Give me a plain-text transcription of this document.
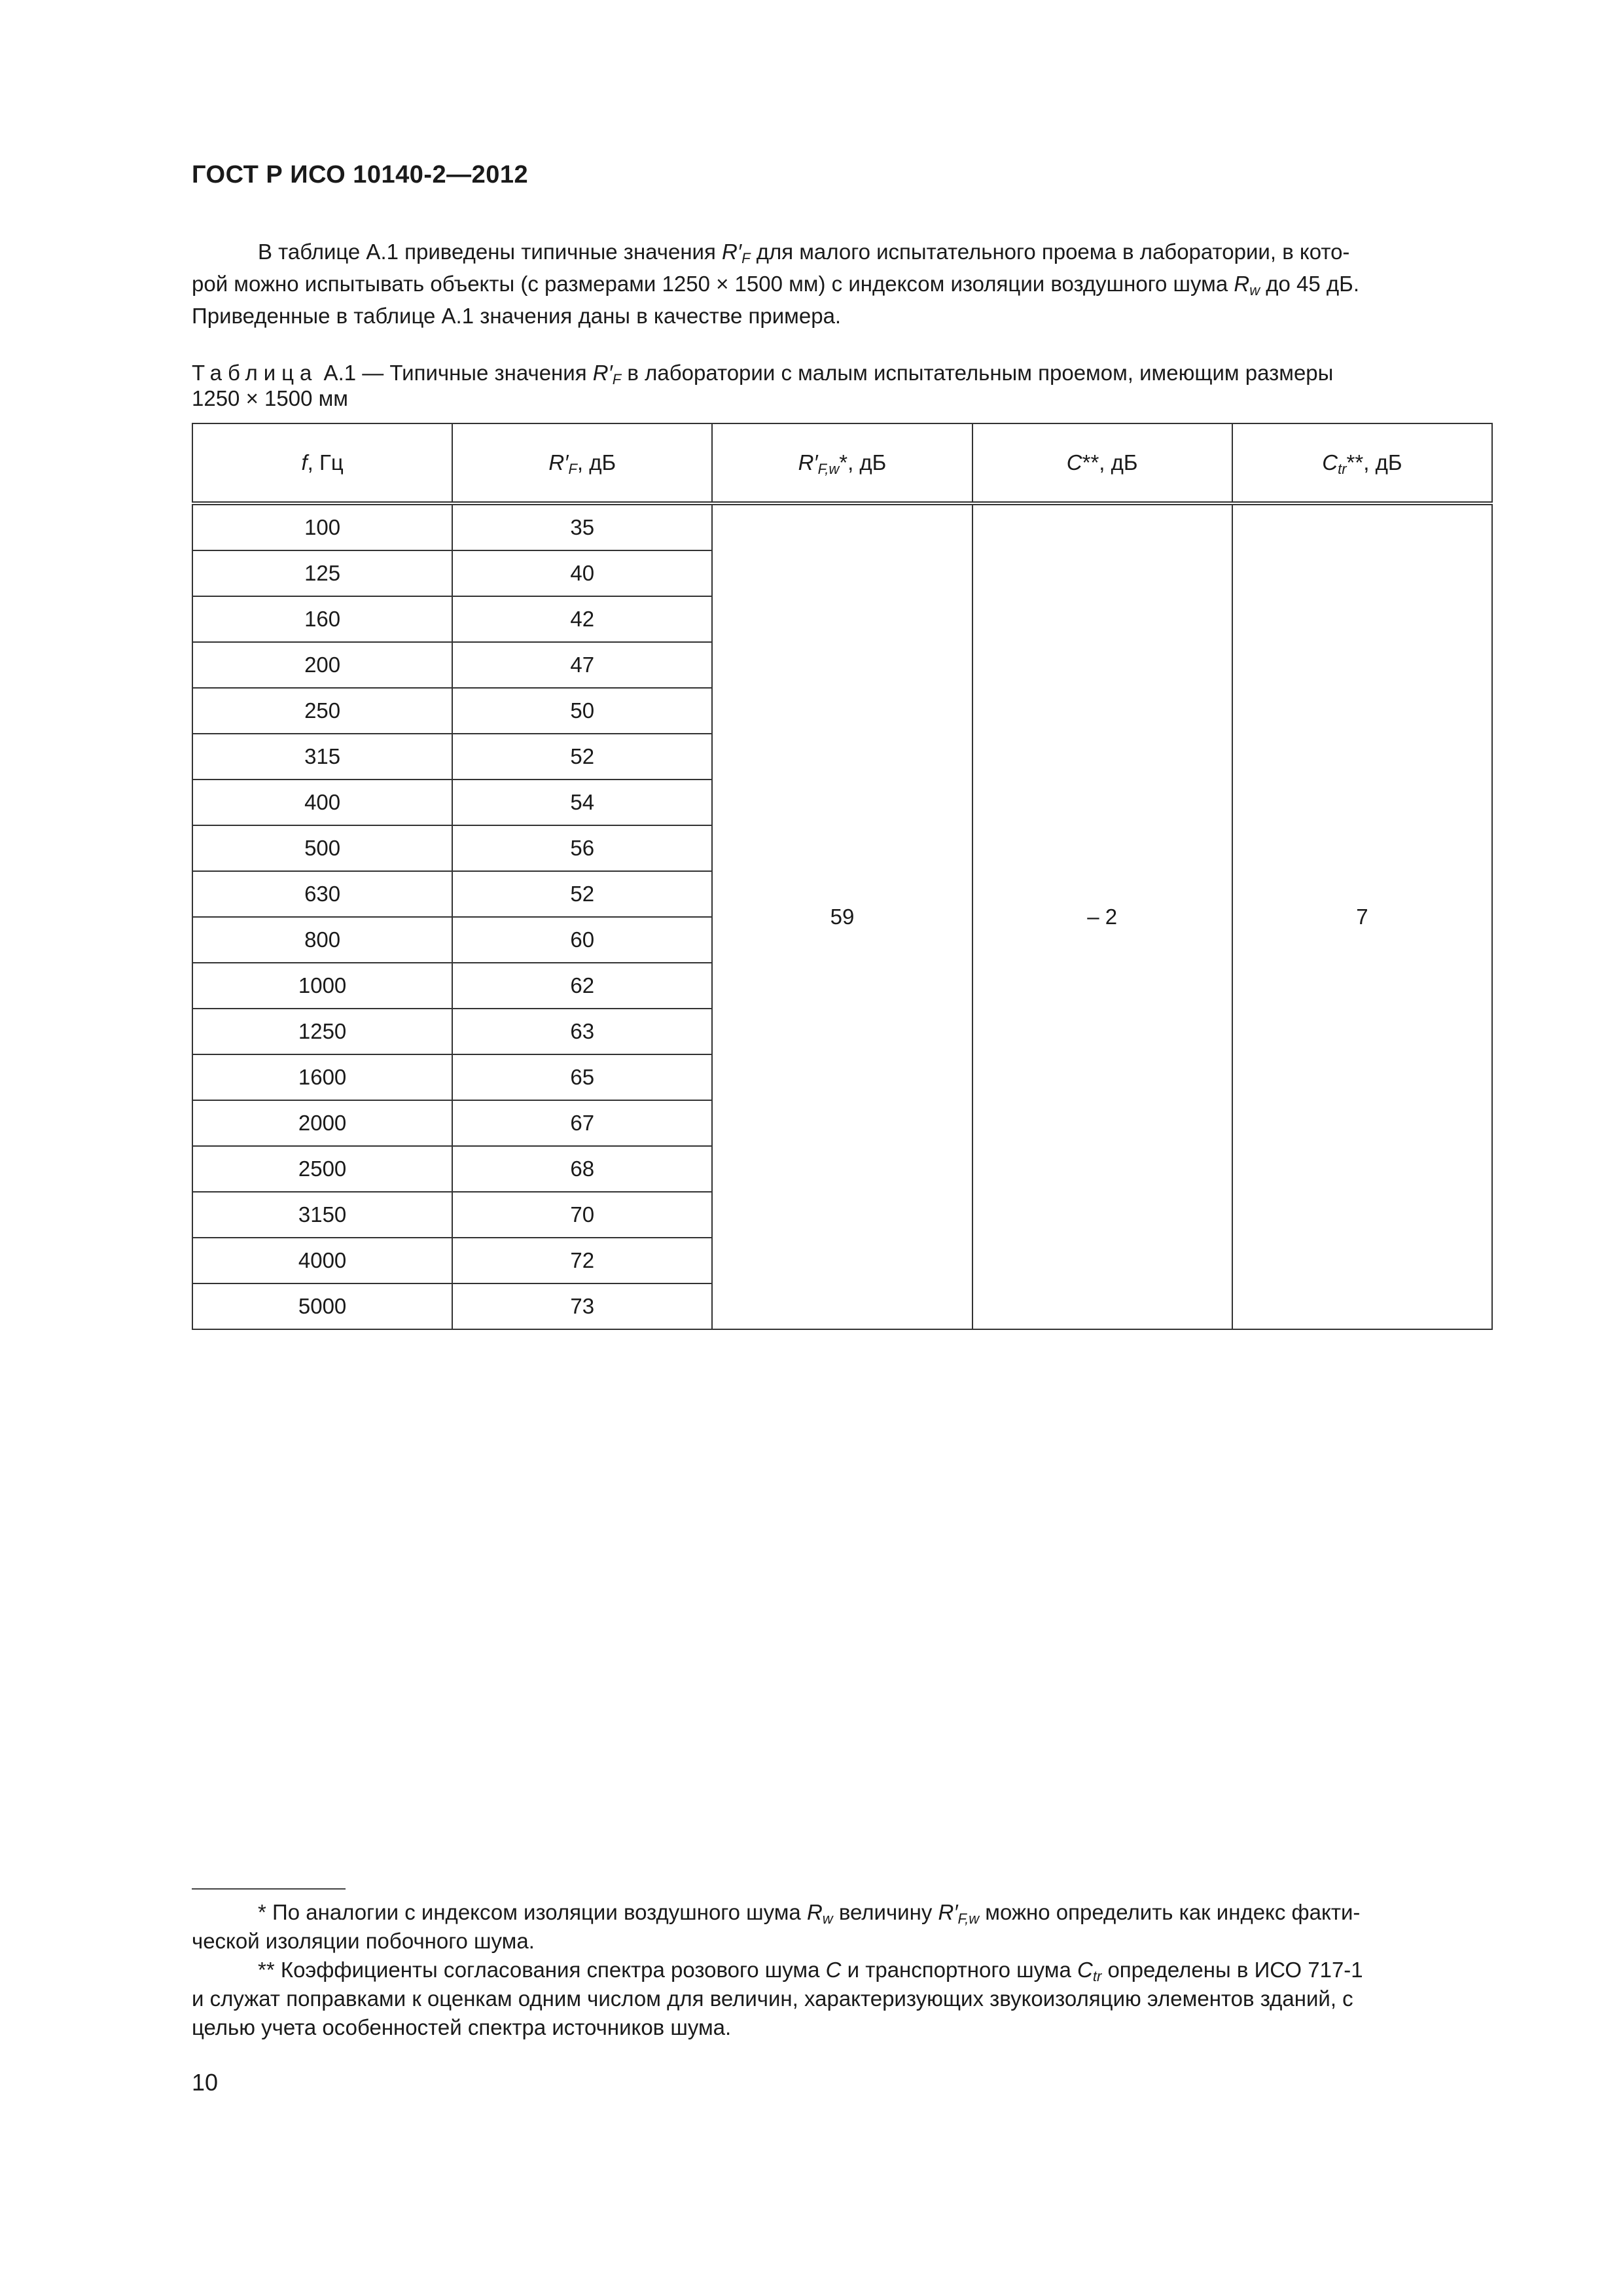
ГОСТ Р ИСО 10140-2—2012
В таблице А.1 приведены типичные значения $R'_F$ для малого испытательного проема в лаборатории, в кото-
рой можно испытывать объекты (с размерами 1250 × 1500 мм) с индексом изоляции воздушного шума $R_w$ до 45 дБ.
Приведенные в таблице А.1 значения даны в качестве примера.
Таблица А.1 — Типичные значения $R'_F$ в лаборатории с малым испытательным проемом, имеющим размеры
1250 × 1500 мм
f, Гц	$R'_F$, дБ	$R'_{F,w}*$, дБ	C**, дБ	$C_{tr}**$, дБ
100	35	59	– 2	7
125	40			
160	42			
200	47			
250	50			
315	52			
400	54			
500	56			
630	52			
800	60			
1000	62			
1250	63			
1600	65			
2000	67			
2500	68			
3150	70			
4000	72			
5000	73			
* По аналогии с индексом изоляции воздушного шума $R_w$ величину $R'_{F,w}$ можно определить как индекс факти-
ческой изоляции побочного шума.
** Коэффициенты согласования спектра розового шума C и транспортного шума $C_{tr}$ определены в ИСО 717-1
и служат поправками к оценкам одним числом для величин, характеризующих звукоизоляцию элементов зданий, с
целью учета особенностей спектра источников шума.
10
